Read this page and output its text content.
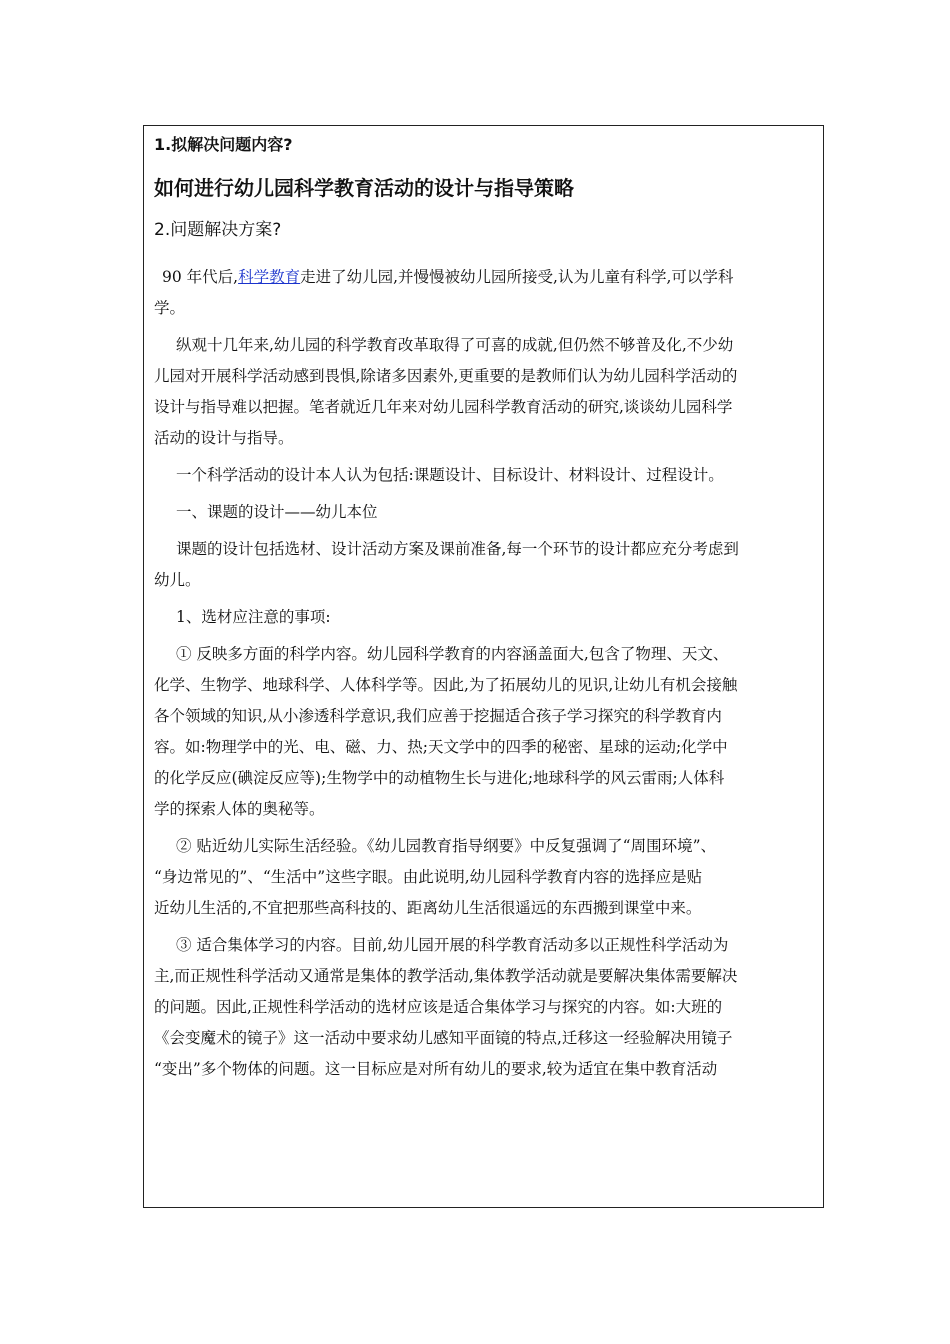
1.拟解决问题内容?
如何进行幼儿园科学教育活动的设计与指导策略
2.问题解决方案?
90 年代后,科学教育走进了幼儿园,并慢慢被幼儿园所接受,认为儿童有科学,可以学科
学。
纵观十几年来,幼儿园的科学教育改革取得了可喜的成就,但仍然不够普及化,不少幼
儿园对开展科学活动感到畏惧,除诸多因素外,更重要的是教师们认为幼儿园科学活动的
设计与指导难以把握。笔者就近几年来对幼儿园科学教育活动的研究,谈谈幼儿园科学
活动的设计与指导。
一个科学活动的设计本人认为包括:课题设计、目标设计、材料设计、过程设计。
一、课题的设计——幼儿本位
课题的设计包括选材、设计活动方案及课前准备,每一个环节的设计都应充分考虑到
幼儿。
1、选材应注意的事项:
① 反映多方面的科学内容。幼儿园科学教育的内容涵盖面大,包含了物理、天文、
化学、生物学、地球科学、人体科学等。因此,为了拓展幼儿的见识,让幼儿有机会接触
各个领域的知识,从小渗透科学意识,我们应善于挖掘适合孩子学习探究的科学教育内
容。如:物理学中的光、电、磁、力、热;天文学中的四季的秘密、星球的运动;化学中
的化学反应(碘淀反应等);生物学中的动植物生长与进化;地球科学的风云雷雨;人体科
学的探索人体的奥秘等。
② 贴近幼儿实际生活经验。《幼儿园教育指导纲要》中反复强调了“周围环境”、
“身边常见的”、“生活中”这些字眼。由此说明,幼儿园科学教育内容的选择应是贴
近幼儿生活的,不宜把那些高科技的、距离幼儿生活很遥远的东西搬到课堂中来。
③ 适合集体学习的内容。目前,幼儿园开展的科学教育活动多以正规性科学活动为
主,而正规性科学活动又通常是集体的教学活动,集体教学活动就是要解决集体需要解决
的问题。因此,正规性科学活动的选材应该是适合集体学习与探究的内容。如:大班的
《会变魔术的镜子》这一活动中要求幼儿感知平面镜的特点,迁移这一经验解决用镜子
“变出”多个物体的问题。这一目标应是对所有幼儿的要求,较为适宜在集中教育活动
